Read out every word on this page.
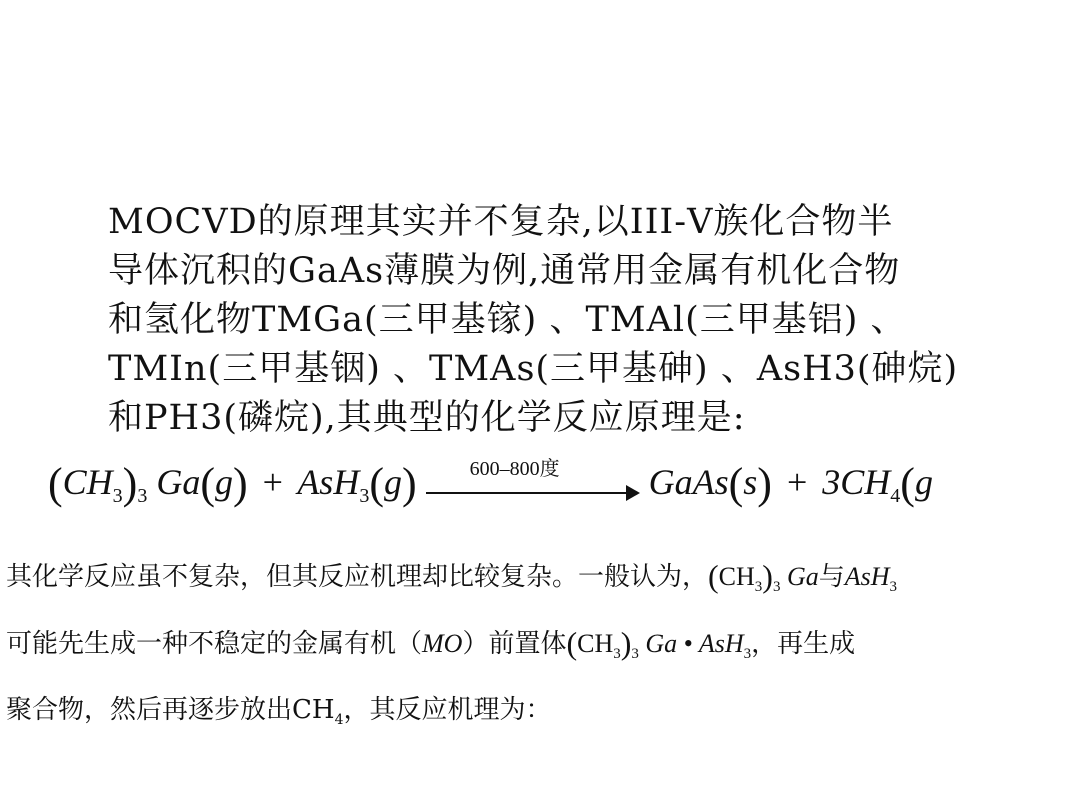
MOCVD的原理其实并不复杂,以III-Ⅴ族化合物半
导体沉积的GaAs薄膜为例,通常用金属有机化合物
和氢化物TMGa(三甲基镓) 、TMAl(三甲基铝) 、
TMIn(三甲基铟) 、TMAs(三甲基砷) 、AsH3(砷烷)
和PH3(磷烷),其典型的化学反应原理是:
$(CH_3)_3$ Ga(g) + AsH$_3$(g)	600–800度 GaAs(s) + $3CH_4(g$
其化学反应虽不复杂，但其反应机理却比较复杂。一般认为，$(CH_3)_3$ Ga与AsH$_3$
可能先生成一种不稳定的金属有机（MO）前置体$(CH_3)_3$ Ga • AsH$_3$，再生成
聚合物，然后再逐步放出$CH_4$，其反应机理为：
